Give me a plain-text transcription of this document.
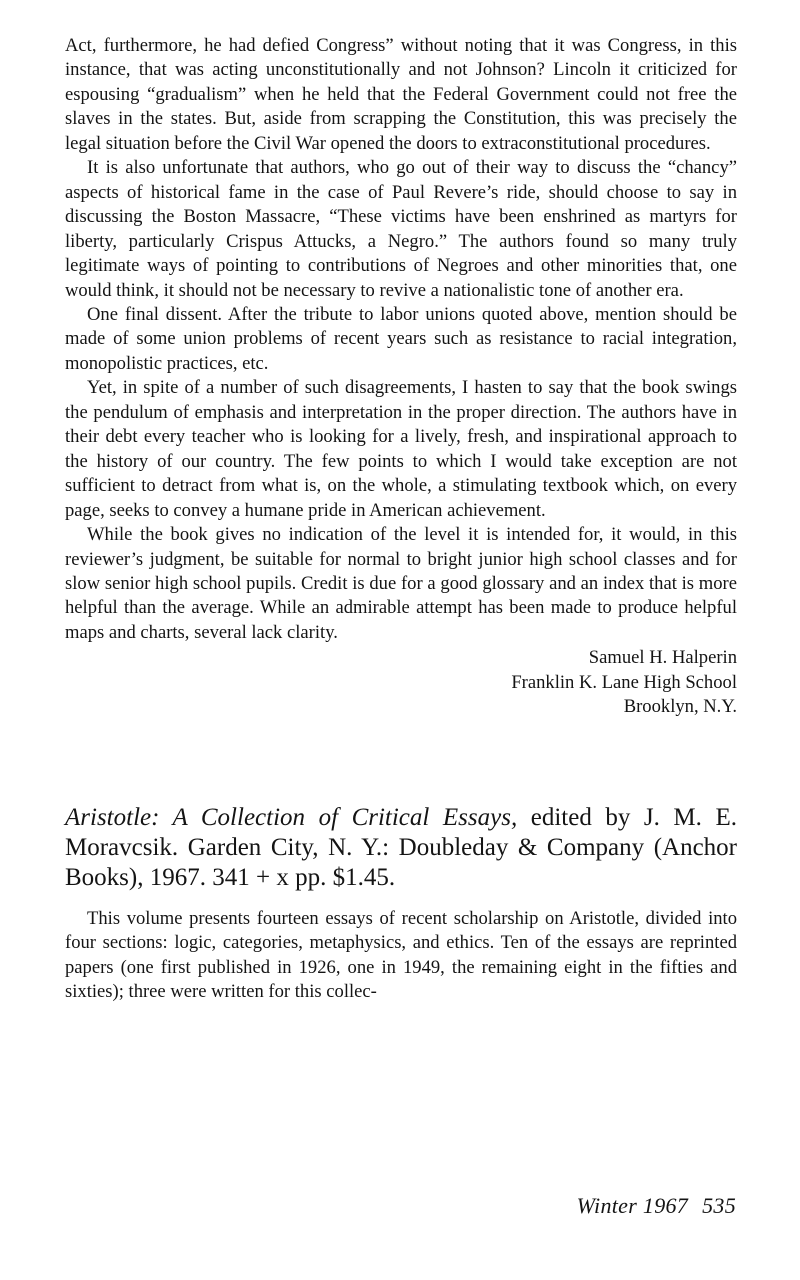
Act, furthermore, he had defied Congress” without noting that it was Congress, in this instance, that was acting unconstitutionally and not Johnson? Lincoln it criticized for espousing “gradualism” when he held that the Federal Government could not free the slaves in the states. But, aside from scrapping the Constitution, this was precisely the legal situation before the Civil War opened the doors to extraconstitutional procedures.

It is also unfortunate that authors, who go out of their way to discuss the “chancy” aspects of historical fame in the case of Paul Revere’s ride, should choose to say in discussing the Boston Massacre, “These victims have been enshrined as martyrs for liberty, particularly Crispus Attucks, a Negro.” The authors found so many truly legitimate ways of pointing to contributions of Negroes and other minorities that, one would think, it should not be necessary to revive a nationalistic tone of another era.

One final dissent. After the tribute to labor unions quoted above, mention should be made of some union problems of recent years such as resistance to racial integration, monopolistic practices, etc.

Yet, in spite of a number of such disagreements, I hasten to say that the book swings the pendulum of emphasis and interpretation in the proper direction. The authors have in their debt every teacher who is looking for a lively, fresh, and inspirational approach to the history of our country. The few points to which I would take exception are not sufficient to detract from what is, on the whole, a stimulating textbook which, on every page, seeks to convey a humane pride in American achievement.

While the book gives no indication of the level it is intended for, it would, in this reviewer’s judgment, be suitable for normal to bright junior high school classes and for slow senior high school pupils. Credit is due for a good glossary and an index that is more helpful than the average. While an admirable attempt has been made to produce helpful maps and charts, several lack clarity.

Samuel H. Halperin
Franklin K. Lane High School
Brooklyn, N.Y.
Aristotle: A Collection of Critical Essays, edited by J. M. E. Moravcsik. Garden City, N. Y.: Doubleday & Company (Anchor Books), 1967. 341 + x pp. $1.45.

This volume presents fourteen essays of recent scholarship on Aristotle, divided into four sections: logic, categories, metaphysics, and ethics. Ten of the essays are reprinted papers (one first published in 1926, one in 1949, the remaining eight in the fifties and sixties); three were written for this collec-

Winter 1967 535
